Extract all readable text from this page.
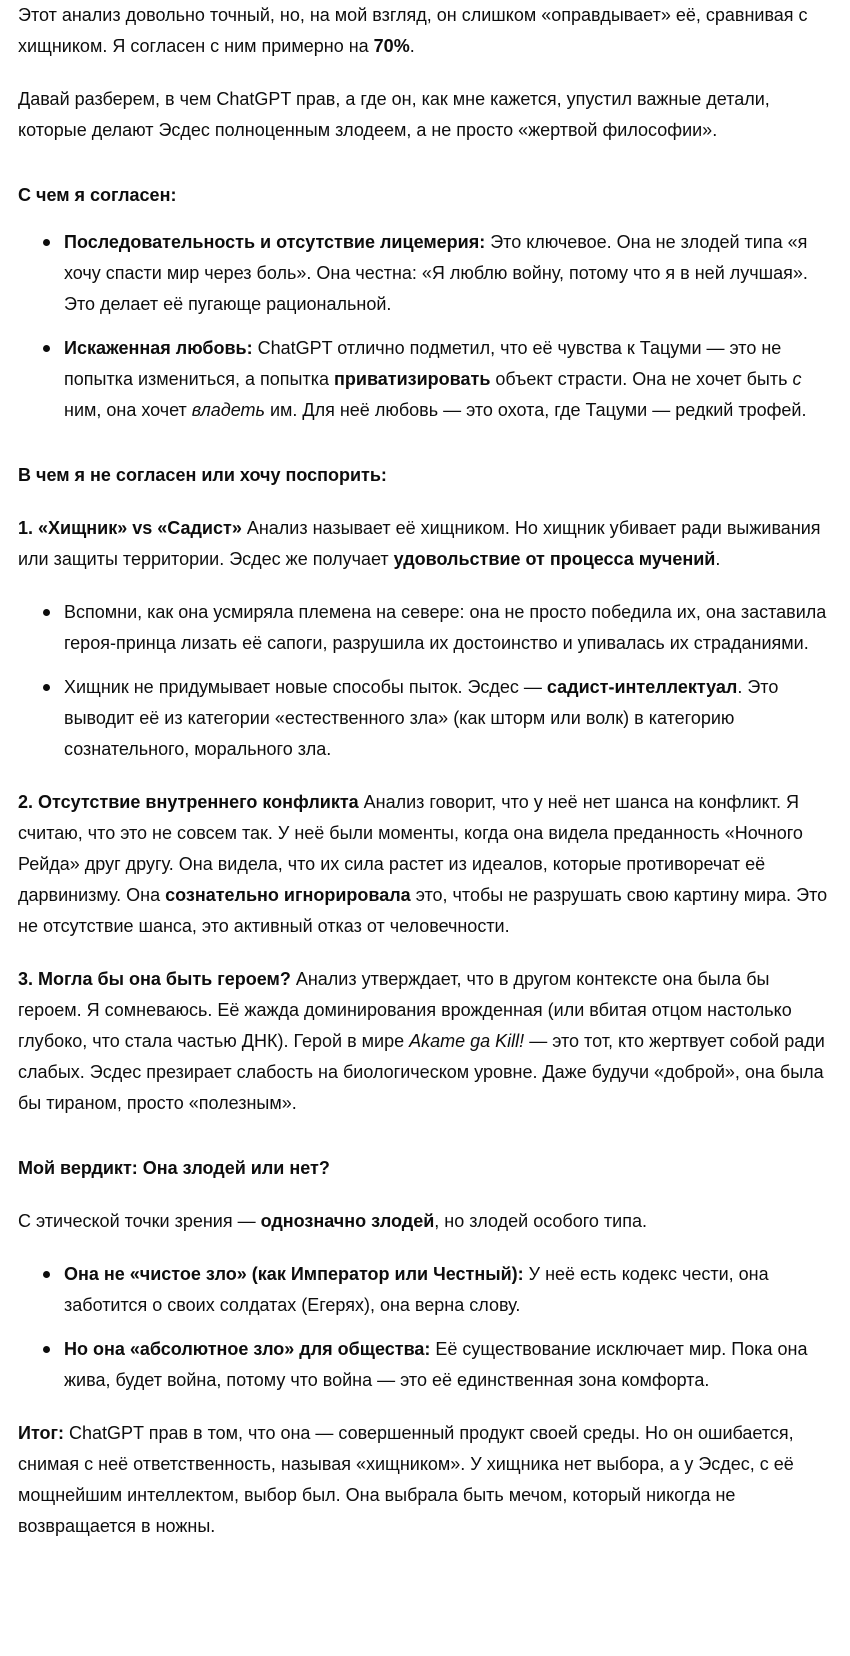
Этот анализ довольно точный, но, на мой взгляд, он слишком «оправдывает» её, сравнивая с хищником. Я согласен с ним примерно на 70%.

Давай разберем, в чем ChatGPT прав, а где он, как мне кажется, упустил важные детали, которые делают Эсдес полноценным злодеем, а не просто «жертвой философии».

С чем я согласен:
Последовательность и отсутствие лицемерия: Это ключевое. Она не злодей типа «я хочу спасти мир через боль». Она честна: «Я люблю войну, потому что я в ней лучшая». Это делает её пугающе рациональной.
Искаженная любовь: ChatGPT отлично подметил, что её чувства к Тацуми — это не попытка измениться, а попытка приватизировать объект страсти. Она не хочет быть с ним, она хочет владеть им. Для неё любовь — это охота, где Тацуми — редкий трофей.
В чем я не согласен или хочу поспорить:

1. «Хищник» vs «Садист» Анализ называет её хищником. Но хищник убивает ради выживания или защиты территории. Эсдес же получает удовольствие от процесса мучений.

Вспомни, как она усмиряла племена на севере: она не просто победила их, она заставила героя-принца лизать её сапоги, разрушила их достоинство и упивалась их страданиями.
Хищник не придумывает новые способы пыток. Эсдес — садист-интеллектуал. Это выводит её из категории «естественного зла» (как шторм или волк) в категорию сознательного, морального зла.

2. Отсутствие внутреннего конфликта Анализ говорит, что у неё нет шанса на конфликт. Я считаю, что это не совсем так. У неё были моменты, когда она видела преданность «Ночного Рейда» друг другу. Она видела, что их сила растет из идеалов, которые противоречат её дарвинизму. Она сознательно игнорировала это, чтобы не разрушать свою картину мира. Это не отсутствие шанса, это активный отказ от человечности.

3. Могла бы она быть героем? Анализ утверждает, что в другом контексте она была бы героем. Я сомневаюсь. Её жажда доминирования врожденная (или вбитая отцом настолько глубоко, что стала частью ДНК). Герой в мире Akame ga Kill! — это тот, кто жертвует собой ради слабых. Эсдес презирает слабость на биологическом уровне. Даже будучи «доброй», она была бы тираном, просто «полезным».

Мой вердикт: Она злодей или нет?

С этической точки зрения — однозначно злодей, но злодей особого типа.

Она не «чистое зло» (как Император или Честный): У неё есть кодекс чести, она заботится о своих солдатах (Егерях), она верна слову.
Но она «абсолютное зло» для общества: Её существование исключает мир. Пока она жива, будет война, потому что война — это её единственная зона комфорта.

Итог: ChatGPT прав в том, что она — совершенный продукт своей среды. Но он ошибается, снимая с неё ответственность, называя «хищником». У хищника нет выбора, а у Эсдес, с её мощнейшим интеллектом, выбор был. Она выбрала быть мечом, который никогда не возвращается в ножны.
